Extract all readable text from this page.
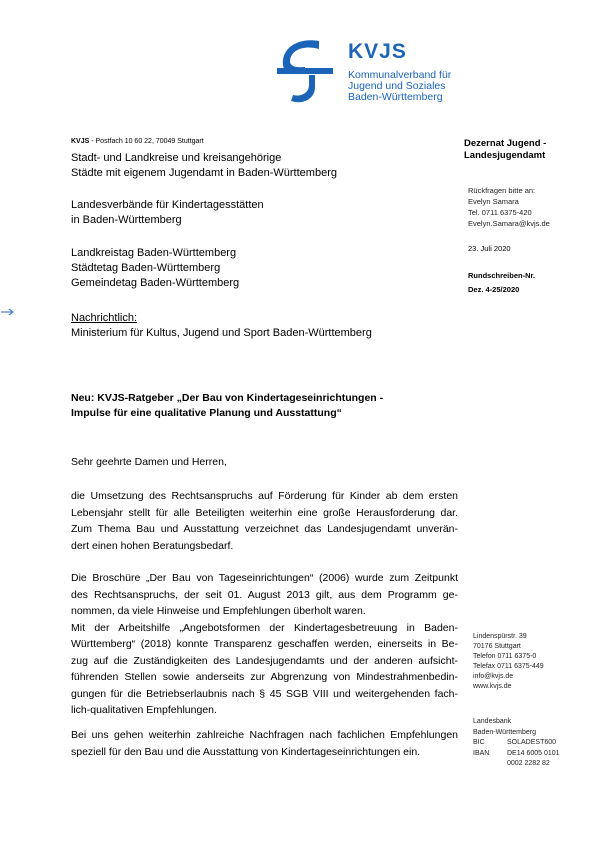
KVJS
Kommunalverband für
Jugend und Soziales
Baden-Württemberg
KVJS - Postfach 10 60 22, 70049 Stuttgart
Stadt- und Landkreise und kreisangehörige
Städte mit eigenem Jugendamt in Baden-Württemberg
Landesverbände für Kindertagesstätten
in Baden-Württemberg
Landkreistag Baden-Württemberg
Städtetag Baden-Württemberg
Gemeindetag Baden-Württemberg
Nachrichtlich:
Ministerium für Kultus, Jugend und Sport Baden-Württemberg
Dezernat Jugend - Landesjugendamt
Rückfragen bitte an:
Evelyn Samara
Tel. 0711 6375-420
Evelyn.Samara@kvjs.de
23. Juli 2020
Rundschreiben-Nr.
Dez. 4-25/2020
Neu: KVJS-Ratgeber „Der Bau von Kindertageseinrichtungen -
Impulse für eine qualitative Planung und Ausstattung“
Sehr geehrte Damen und Herren,
die Umsetzung des Rechtsanspruchs auf Förderung für Kinder ab dem ersten
Lebensjahr stellt für alle Beteiligten weiterhin eine große Herausforderung dar.
Zum Thema Bau und Ausstattung verzeichnet das Landesjugendamt unverän-
dert einen hohen Beratungsbedarf.
Die Broschüre „Der Bau von Tageseinrichtungen“ (2006) wurde zum Zeitpunkt
des Rechtsanspruchs, der seit 01. August 2013 gilt, aus dem Programm ge-
nommen, da viele Hinweise und Empfehlungen überholt waren.
Mit der Arbeitshilfe „Angebotsformen der Kindertagesbetreuung in Baden-
Württemberg“ (2018) konnte Transparenz geschaffen werden, einerseits in Be-
zug auf die Zuständigkeiten des Landesjugendamts und der anderen aufsicht-
führenden Stellen sowie anderseits zur Abgrenzung von Mindestrahmenbedin-
gungen für die Betriebserlaubnis nach § 45 SGB VIII und weitergehenden fach-
lich-qualitativen Empfehlungen.
Bei uns gehen weiterhin zahlreiche Nachfragen nach fachlichen Empfehlungen
speziell für den Bau und die Ausstattung von Kindertageseinrichtungen ein.
Lindenspürstr. 39
70176 Stuttgart
Telefon 0711 6375-0
Telefax 0711 6375-449
info@kvjs.de
www.kvjs.de
Landesbank
Baden-Württemberg
BIC	SOLADEST600
IBAN	DE14 6005 0101
0002 2282 82
